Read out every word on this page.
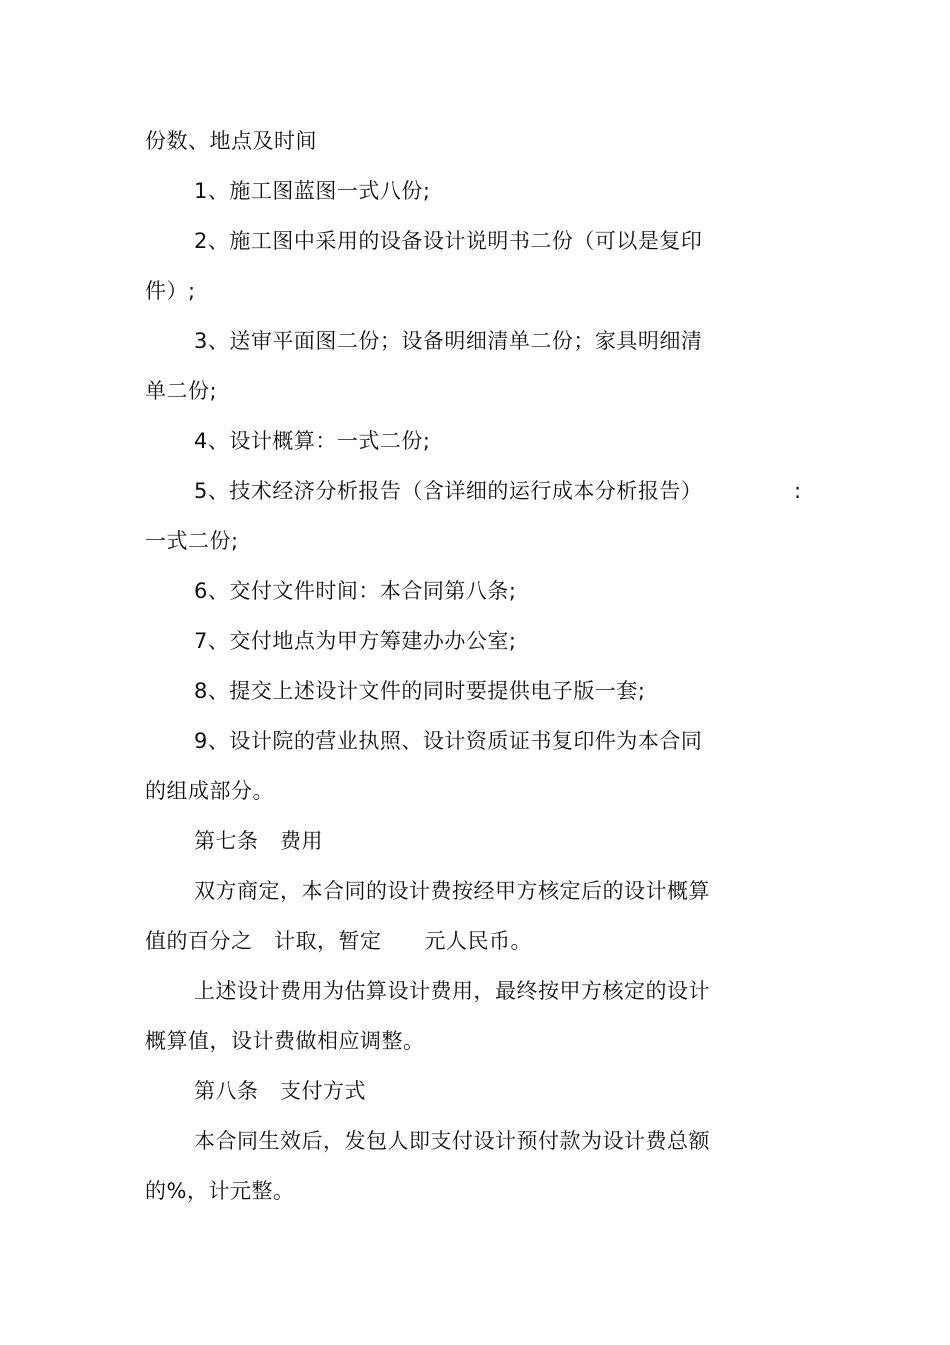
份数、地点及时间
1、施工图蓝图一式八份;
2、施工图中采用的设备设计说明书二份（可以是复印
件）;
3、送审平面图二份；设备明细清单二份；家具明细清
单二份;
4、设计概算：一式二份;
5、技术经济分析报告（含详细的运行成本分析报告）	:
一式二份;
6、交付文件时间：本合同第八条;
7、交付地点为甲方筹建办办公室;
8、提交上述设计文件的同时要提供电子版一套;
9、设计院的营业执照、设计资质证书复印件为本合同
的组成部分。
第七条　费用
双方商定，本合同的设计费按经甲方核定后的设计概算
值的百分之　计取，暂定　　元人民币。
上述设计费用为估算设计费用，最终按甲方核定的设计
概算值，设计费做相应调整。
第八条　支付方式
本合同生效后，发包人即支付设计预付款为设计费总额
的%，计元整。
